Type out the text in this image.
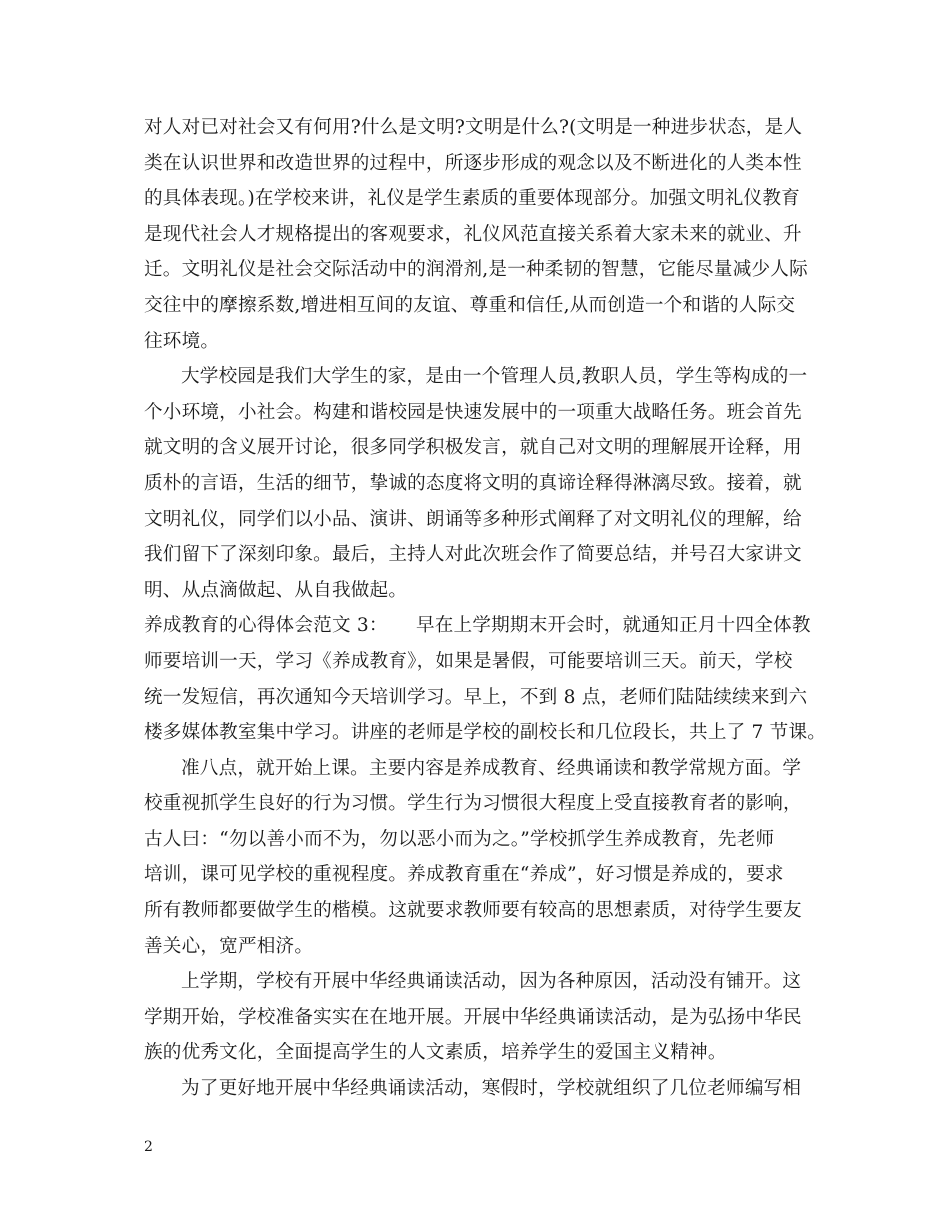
对人对已对社会又有何用?什么是文明?文明是什么?(文明是一种进步状态，是人
类在认识世界和改造世界的过程中，所逐步形成的观念以及不断进化的人类本性
的具体表现。)在学校来讲，礼仪是学生素质的重要体现部分。加强文明礼仪教育
是现代社会人才规格提出的客观要求，礼仪风范直接关系着大家未来的就业、升
迁。文明礼仪是社会交际活动中的润滑剂,是一种柔韧的智慧，它能尽量减少人际
交往中的摩擦系数,增进相互间的友谊、尊重和信任,从而创造一个和谐的人际交
往环境。

大学校园是我们大学生的家，是由一个管理人员,教职人员，学生等构成的一
个小环境，小社会。构建和谐校园是快速发展中的一项重大战略任务。班会首先
就文明的含义展开讨论，很多同学积极发言，就自己对文明的理解展开诠释，用
质朴的言语，生活的细节，挚诚的态度将文明的真谛诠释得淋漓尽致。接着，就
文明礼仪，同学们以小品、演讲、朗诵等多种形式阐释了对文明礼仪的理解，给
我们留下了深刻印象。最后，主持人对此次班会作了简要总结，并号召大家讲文
明、从点滴做起、从自我做起。

养成教育的心得体会范文 3：　　早在上学期期末开会时，就通知正月十四全体教
师要培训一天，学习《养成教育》，如果是暑假，可能要培训三天。前天，学校
统一发短信，再次通知今天培训学习。早上，不到 8 点，老师们陆陆续续来到六
楼多媒体教室集中学习。讲座的老师是学校的副校长和几位段长，共上了 7 节课。

准八点，就开始上课。主要内容是养成教育、经典诵读和教学常规方面。学
校重视抓学生良好的行为习惯。学生行为习惯很大程度上受直接教育者的影响，
古人曰：“勿以善小而不为，勿以恶小而为之。”学校抓学生养成教育，先老师
培训，课可见学校的重视程度。养成教育重在“养成”，好习惯是养成的，要求
所有教师都要做学生的楷模。这就要求教师要有较高的思想素质，对待学生要友
善关心，宽严相济。

上学期，学校有开展中华经典诵读活动，因为各种原因，活动没有铺开。这
学期开始，学校准备实实在在地开展。开展中华经典诵读活动，是为弘扬中华民
族的优秀文化，全面提高学生的人文素质，培养学生的爱国主义精神。

为了更好地开展中华经典诵读活动，寒假时，学校就组织了几位老师编写相

2
